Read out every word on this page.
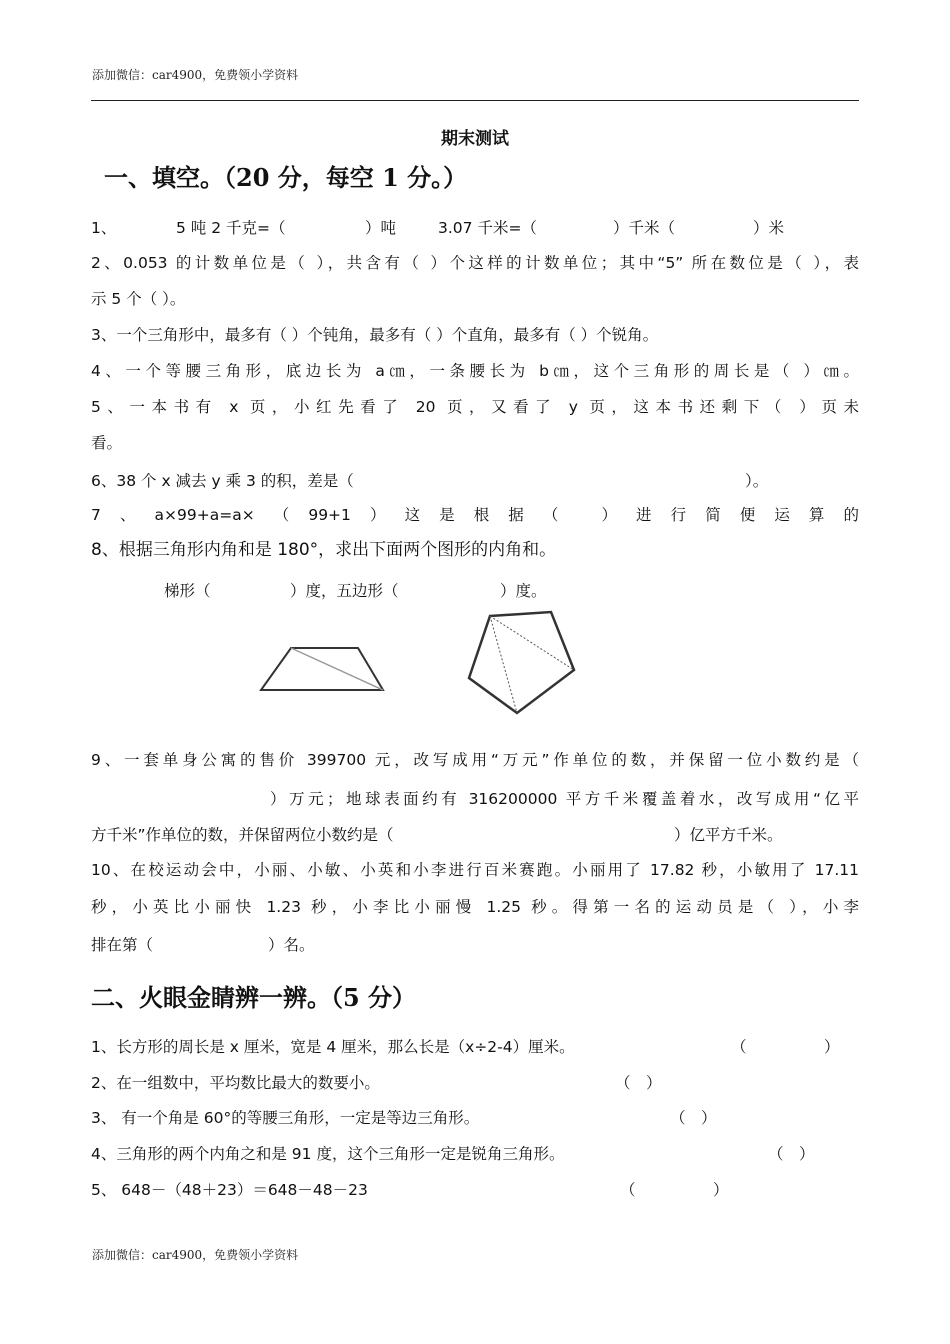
添加微信：car4900，免费领小学资料
期末测试
一、填空。（20 分，每空 1 分。）
1、	5 吨 2 千克=（	）吨	3.07 千米=（	）千米（	）米
2、0.053 的计数单位是（ ），共含有（ ）个这样的计数单位；其中“5” 所在数位是（ ），表
示 5 个（ ）。
3、一个三角形中，最多有（ ）个钝角，最多有（ ）个直角，最多有（ ）个锐角。
4、一个等腰三角形，底边长为 a㎝，一条腰长为 b㎝，这个三角形的周长是（ ）㎝。
5、一本书有 x 页，小红先看了 20 页，又看了 y 页，这本书还剩下（ ）页未
看。
6、38 个 x 减去 y 乘 3 的积，差是（	）。
7、a×99+a=a×（99+1）这是根据（ ）进行简便运算的
8、根据三角形内角和是 180°，求出下面两个图形的内角和。
梯形（	）度，五边形（	）度。
9、一套单身公寓的售价 399700 元，改写成用“万元”作单位的数，并保留一位小数约是（
）万元；地球表面约有 316200000 平方千米覆盖着水，改写成用“亿平
方千米”作单位的数，并保留两位小数约是（	）亿平方千米。
10、在校运动会中，小丽、小敏、小英和小李进行百米赛跑。小丽用了 17.82 秒，小敏用了 17.11
秒，小英比小丽快 1.23 秒，小李比小丽慢 1.25 秒。得第一名的运动员是（ ），小李
排在第（	）名。
二、火眼金睛辨一辨。（5 分）
1、长方形的周长是 x 厘米，宽是 4 厘米，那么长是（x÷2-4）厘米。	（　　　　　）
2、在一组数中，平均数比最大的数要小。	（　）
3、 有一个角是 60°的等腰三角形，一定是等边三角形。	（　）
4、三角形的两个内角之和是 91 度，这个三角形一定是锐角三角形。	（　）
5、 648－（48＋23）＝648－48－23	（　　　　　）
添加微信：car4900，免费领小学资料
